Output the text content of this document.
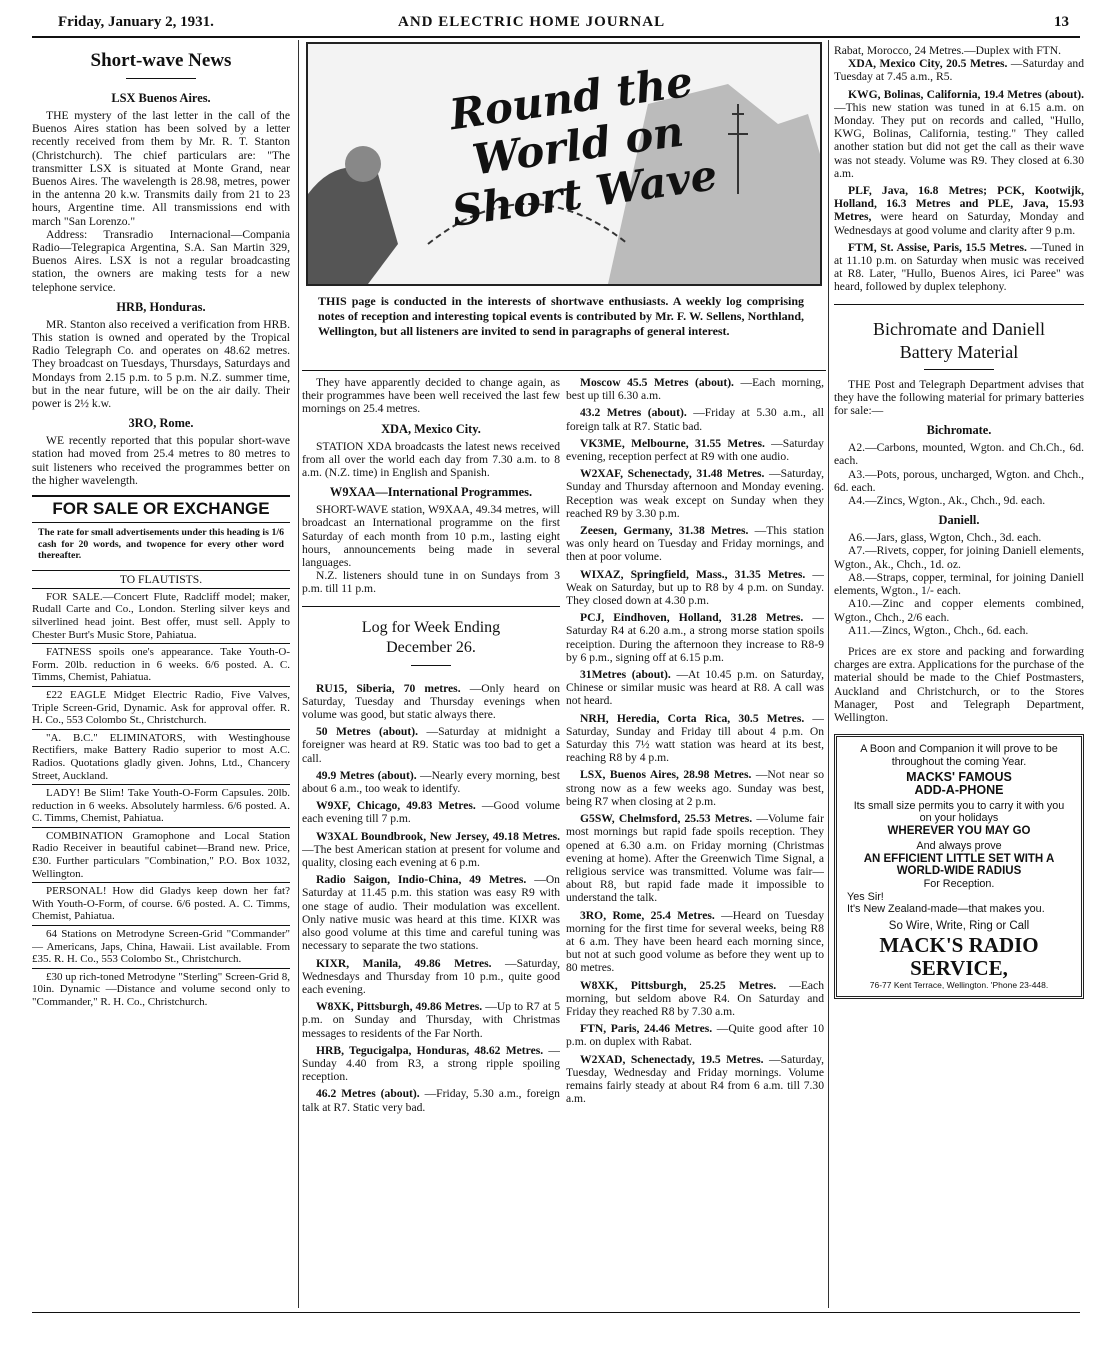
Friday, January 2, 1931.	AND ELECTRIC HOME JOURNAL	13
Round the World on Short Wave

THIS page is conducted in the interests of shortwave enthusiasts. A weekly log comprising notes of reception and interesting topical events is contributed by Mr. F. W. Sellens, Northland, Wellington, but all listeners are invited to send in paragraphs of general interest.

Short-wave News
LSX Buenos Aires.

THE mystery of the last letter in the call of the Buenos Aires station has been solved by a letter recently received from them by Mr. R. T. Stanton (Christchurch). The chief particulars are: "The transmitter LSX is situated at Monte Grand, near Buenos Aires. The wavelength is 28.98, metres, power in the antenna 20 k.w. Transmits daily from 21 to 23 hours, Argentine time. All transmissions end with march "San Lorenzo."

Address: Transradio Internacional—Compania Radio—Telegrapica Argentina, S.A. San Martin 329, Buenos Aires. LSX is not a regular broadcasting station, the owners are making tests for a new telephone service.

HRB, Honduras.

MR. Stanton also received a verification from HRB. This station is owned and operated by the Tropical Radio Telegraph Co. and operates on 48.62 metres. They broadcast on Tuesdays, Thursdays, Saturdays and Mondays from 2.15 p.m. to 5 p.m. N.Z. summer time, but in the near future, will be on the air daily. Their power is 2½ k.w.

3RO, Rome.

WE recently reported that this popular short-wave station had moved from 25.4 metres to 80 metres to suit listeners who received the programmes better on the higher wavelength.

FOR SALE OR EXCHANGE

The rate for small advertisements under this heading is 1/6 cash for 20 words, and twopence for every other word thereafter.

TO FLAUTISTS.

FOR SALE.—Concert Flute, Radcliff model; maker, Rudall Carte and Co., London. Sterling silver keys and silverlined head joint. Best offer, must sell. Apply to Chester Burt's Music Store, Pahiatua.

FATNESS spoils one's appearance. Take Youth-O-Form. 20lb. reduction in 6 weeks. 6/6 posted. A. C. Timms, Chemist, Pahiatua.

£22 EAGLE Midget Electric Radio, Five Valves, Triple Screen-Grid, Dynamic. Ask for approval offer. R. H. Co., 553 Colombo St., Christchurch.

"A. B.C." ELIMINATORS, with Westinghouse Rectifiers, make Battery Radio superior to most A.C. Radios. Quotations gladly given. Johns, Ltd., Chancery Street, Auckland.

LADY! Be Slim! Take Youth-O-Form Capsules. 20lb. reduction in 6 weeks. Absolutely harmless. 6/6 posted. A. C. Timms, Chemist, Pahiatua.

COMBINATION Gramophone and Local Station Radio Receiver in beautiful cabinet—Brand new. Price, £30. Further particulars "Combination," P.O. Box 1032, Wellington.

PERSONAL! How did Gladys keep down her fat? With Youth-O-Form, of course. 6/6 posted. A. C. Timms, Chemist, Pahiatua.

64 Stations on Metrodyne Screen-Grid "Commander" — Americans, Japs, China, Hawaii. List available. From £35. R. H. Co., 553 Colombo St., Christchurch.

£30 up rich-toned Metrodyne "Sterling" Screen-Grid 8, 10in. Dynamic —Distance and volume second only to "Commander," R. H. Co., Christchurch.

They have apparently decided to change again, as their programmes have been well received the last few mornings on 25.4 metres.

XDA, Mexico City.

STATION XDA broadcasts the latest news received from all over the world each day from 7.30 a.m. to 8 a.m. (N.Z. time) in English and Spanish.

W9XAA—International Programmes.

SHORT-WAVE station, W9XAA, 49.34 metres, will broadcast an International programme on the first Saturday of each month from 10 p.m., lasting eight hours, announcements being made in several languages.

N.Z. listeners should tune in on Sundays from 3 p.m. till 11 p.m.

Log for Week Ending
December 26.

RU15, Siberia, 70 metres. —Only heard on Saturday, Tuesday and Thursday evenings when volume was good, but static always there.

50 Metres (about). —Saturday at midnight a foreigner was heard at R9. Static was too bad to get a call.

49.9 Metres (about). —Nearly every morning, best about 6 a.m., too weak to identify.

W9XF, Chicago, 49.83 Metres. —Good volume each evening till 7 p.m.

W3XAL Boundbrook, New Jersey, 49.18 Metres. —The best American station at present for volume and quality, closing each evening at 6 p.m.

Radio Saigon, Indio-China, 49 Metres. —On Saturday at 11.45 p.m. this station was easy R9 with one stage of audio. Their modulation was excellent. Only native music was heard at this time. KIXR was also good volume at this time and careful tuning was necessary to separate the two stations.

KIXR, Manila, 49.86 Metres. —Saturday, Wednesdays and Thursday from 10 p.m., quite good each evening.

W8XK, Pittsburgh, 49.86 Metres. —Up to R7 at 5 p.m. on Sunday and Thursday, with Christmas messages to residents of the Far North.

HRB, Tegucigalpa, Honduras, 48.62 Metres. —Sunday 4.40 from R3, a strong ripple spoiling reception.

46.2 Metres (about). —Friday, 5.30 a.m., foreign talk at R7. Static very bad.

Moscow 45.5 Metres (about). —Each morning, best up till 6.30 a.m.

43.2 Metres (about). —Friday at 5.30 a.m., all foreign talk at R7. Static bad.

VK3ME, Melbourne, 31.55 Metres. —Saturday evening, reception perfect at R9 with one audio.

W2XAF, Schenectady, 31.48 Metres. —Saturday, Sunday and Thursday afternoon and Monday evening. Reception was weak except on Sunday when they reached R9 by 3.30 p.m.

Zeesen, Germany, 31.38 Metres. —This station was only heard on Tuesday and Friday mornings, and then at poor volume.

WIXAZ, Springfield, Mass., 31.35 Metres. —Weak on Saturday, but up to R8 by 4 p.m. on Sunday. They closed down at 4.30 p.m.

PCJ, Eindhoven, Holland, 31.28 Metres. —Saturday R4 at 6.20 a.m., a strong morse station spoils receiption. During the afternoon they increase to R8-9 by 6 p.m., signing off at 6.15 p.m.

31Metres (about). —At 10.45 p.m. on Saturday, Chinese or similar music was heard at R8. A call was not heard.

NRH, Heredia, Corta Rica, 30.5 Metres. —Saturday, Sunday and Friday till about 4 p.m. On Saturday this 7½ watt station was heard at its best, reaching R8 by 4 p.m.

LSX, Buenos Aires, 28.98 Metres. —Not near so strong now as a few weeks ago. Sunday was best, being R7 when closing at 2 p.m.

G5SW, Chelmsford, 25.53 Metres. —Volume fair most mornings but rapid fade spoils reception. They opened at 6.30 a.m. on Friday morning (Christmas evening at home). After the Greenwich Time Signal, a religious service was transmitted. Volume was fair—about R8, but rapid fade made it impossible to understand the talk.

3RO, Rome, 25.4 Metres. —Heard on Tuesday morning for the first time for several weeks, being R8 at 6 a.m. They have been heard each morning since, but not at such good volume as before they went up to 80 metres.

W8XK, Pittsburgh, 25.25 Metres. —Each morning, but seldom above R4. On Saturday and Friday they reached R8 by 7.30 a.m.

FTN, Paris, 24.46 Metres. —Quite good after 10 p.m. on duplex with Rabat.

W2XAD, Schenectady, 19.5 Metres. —Saturday, Tuesday, Wednesday and Friday mornings. Volume remains fairly steady at about R4 from 6 a.m. till 7.30 a.m.

Rabat, Morocco, 24 Metres.—Duplex with FTN.

XDA, Mexico City, 20.5 Metres. —Saturday and Tuesday at 7.45 a.m., R5.

KWG, Bolinas, California, 19.4 Metres (about). —This new station was tuned in at 6.15 a.m. on Monday. They put on records and called, "Hullo, KWG, Bolinas, California, testing." They called another station but did not get the call as their wave was not steady. Volume was R9. They closed at 6.30 a.m.

PLF, Java, 16.8 Metres; PCK, Kootwijk, Holland, 16.3 Metres and PLE, Java, 15.93 Metres, were heard on Saturday, Monday and Wednesdays at good volume and clarity after 9 p.m.

FTM, St. Assise, Paris, 15.5 Metres. —Tuned in at 11.10 p.m. on Saturday when music was received at R8. Later, "Hullo, Buenos Aires, ici Paree" was heard, followed by duplex telephony.

Bichromate and Daniell
Battery Material

THE Post and Telegraph Department advises that they have the following material for primary batteries for sale:—

Bichromate.

A2.—Carbons, mounted, Wgton. and Ch.Ch., 6d. each.

A3.—Pots, porous, uncharged, Wgton. and Chch., 6d. each.

A4.—Zincs, Wgton., Ak., Chch., 9d. each.

Daniell.

A6.—Jars, glass, Wgton, Chch., 3d. each.

A7.—Rivets, copper, for joining Daniell elements, Wgton., Ak., Chch., 1d. oz.

A8.—Straps, copper, terminal, for joining Daniell elements, Wgton., 1/- each.

A10.—Zinc and copper elements combined, Wgton., Chch., 2/6 each.

A11.—Zincs, Wgton., Chch., 6d. each.

Prices are ex store and packing and forwarding charges are extra. Applications for the purchase of the material should be made to the Chief Postmasters, Auckland and Christchurch, or to the Stores Manager, Post and Telegraph Department, Wellington.

A Boon and Companion it will prove to be throughout the coming Year.
MACKS' FAMOUS
ADD-A-PHONE
Its small size permits you to carry it with you on your holidays
WHEREVER YOU MAY GO
And always prove
AN EFFICIENT LITTLE SET WITH A WORLD-WIDE RADIUS
For Reception.
Yes Sir!
It's New Zealand-made—that makes you.
So Wire, Write, Ring or Call
MACK'S RADIO SERVICE,
76-77 Kent Terrace, Wellington. 'Phone 23-448.
